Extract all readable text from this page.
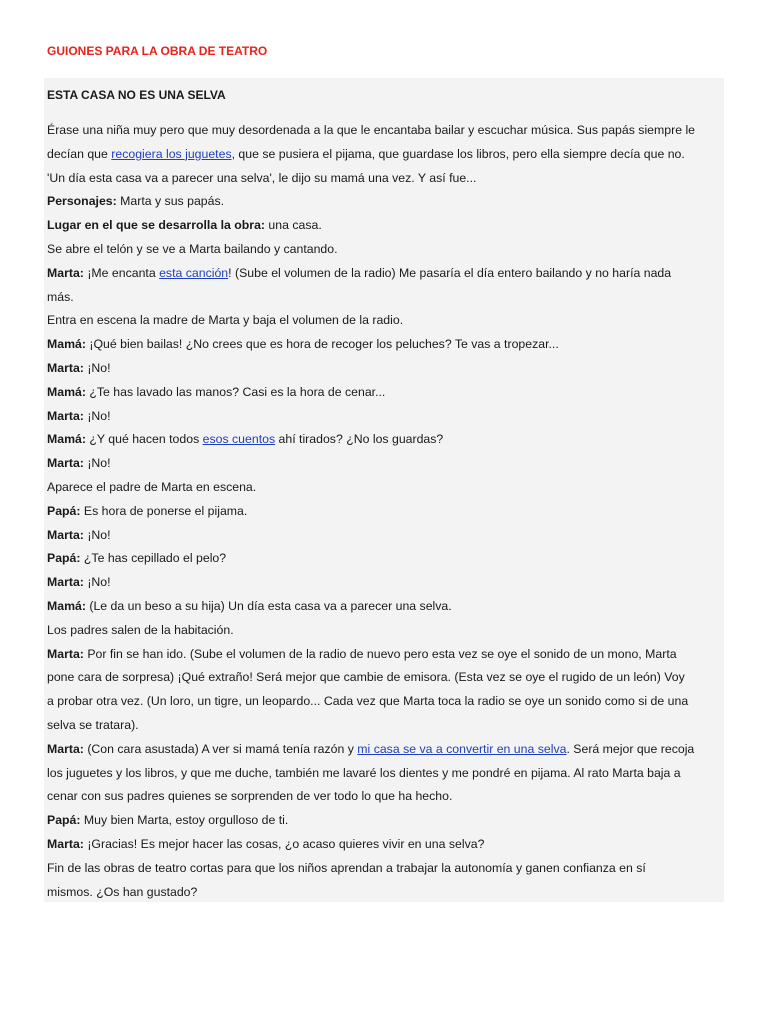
GUIONES PARA LA OBRA DE TEATRO
ESTA CASA NO ES UNA SELVA
Érase una niña muy pero que muy desordenada a la que le encantaba bailar y escuchar música. Sus papás siempre le
decían que recogiera los juguetes, que se pusiera el pijama, que guardase los libros, pero ella siempre decía que no.
'Un día esta casa va a parecer una selva', le dijo su mamá una vez. Y así fue...
Personajes: Marta y sus papás.
Lugar en el que se desarrolla la obra: una casa.
Se abre el telón y se ve a Marta bailando y cantando.
Marta: ¡Me encanta esta canción! (Sube el volumen de la radio) Me pasaría el día entero bailando y no haría nada
más.
Entra en escena la madre de Marta y baja el volumen de la radio.
Mamá: ¡Qué bien bailas! ¿No crees que es hora de recoger los peluches? Te vas a tropezar...
Marta: ¡No!
Mamá: ¿Te has lavado las manos? Casi es la hora de cenar...
Marta: ¡No!
Mamá: ¿Y qué hacen todos esos cuentos ahí tirados? ¿No los guardas?
Marta: ¡No!
Aparece el padre de Marta en escena.
Papá: Es hora de ponerse el pijama.
Marta: ¡No!
Papá: ¿Te has cepillado el pelo?
Marta: ¡No!
Mamá: (Le da un beso a su hija) Un día esta casa va a parecer una selva.
Los padres salen de la habitación.
Marta: Por fin se han ido. (Sube el volumen de la radio de nuevo pero esta vez se oye el sonido de un mono, Marta
pone cara de sorpresa) ¡Qué extraño! Será mejor que cambie de emisora. (Esta vez se oye el rugido de un león) Voy
a probar otra vez. (Un loro, un tigre, un leopardo... Cada vez que Marta toca la radio se oye un sonido como si de una
selva se tratara).
Marta: (Con cara asustada) A ver si mamá tenía razón y mi casa se va a convertir en una selva. Será mejor que recoja
los juguetes y los libros, y que me duche, también me lavaré los dientes y me pondré en pijama. Al rato Marta baja a
cenar con sus padres quienes se sorprenden de ver todo lo que ha hecho.
Papá: Muy bien Marta, estoy orgulloso de ti.
Marta: ¡Gracias! Es mejor hacer las cosas, ¿o acaso quieres vivir en una selva?
Fin de las obras de teatro cortas para que los niños aprendan a trabajar la autonomía y ganen confianza en sí
mismos. ¿Os han gustado?
